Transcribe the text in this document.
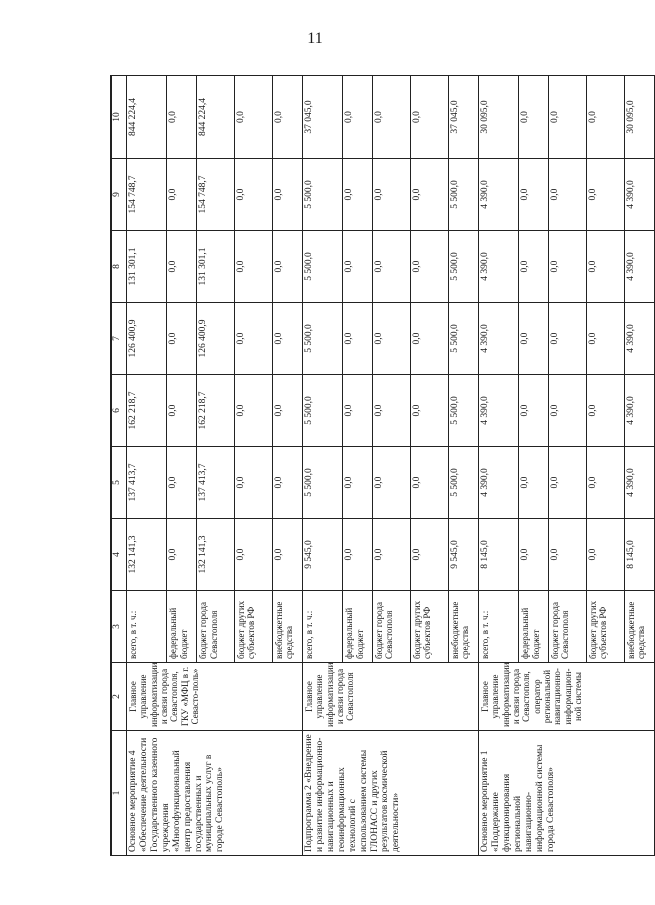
11
1	2	3	4	5	6	7	8	9	10
Основное мероприятие 4 «Обеспечение деятельности Государственного казенного учреждения «Многофункциональный центр предоставления государственных и муниципальных услуг в городе Севастополь»	Главное управление информатизации и связи города Севастополя, ГКУ «МФЦ в г. Севасто-поль»	всего, в т. ч.:	132 141,3	137 413,7	162 218,7	126 400,9	131 301,1	154 748,7	844 224,4
		федеральный бюджет	0,0	0,0	0,0	0,0	0,0	0,0	0,0
		бюджет города Севастополя	132 141,3	137 413,7	162 218,7	126 400,9	131 301,1	154 748,7	844 224,4
		бюджет других субъектов РФ	0,0	0,0	0,0	0,0	0,0	0,0	0,0
		внебюджетные средства	0,0	0,0	0,0	0,0	0,0	0,0	0,0
Подпрограмма 2 «Внедрение и развитие информационно-навигационных и геоинформационных технологий с использованием системы ГЛОНАСС и других результатов космической деятельности»	Главное управление информатизации и связи города Севастополя	всего, в т. ч.:	9 545,0	5 500,0	5 500,0	5 500,0	5 500,0	5 500,0	37 045,0
		федеральный бюджет	0,0	0,0	0,0	0,0	0,0	0,0	0,0
		бюджет города Севастополя	0,0	0,0	0,0	0,0	0,0	0,0	0,0
		бюджет других субъектов РФ	0,0	0,0	0,0	0,0	0,0	0,0	0,0
		внебюджетные средства	9 545,0	5 500,0	5 500,0	5 500,0	5 500,0	5 500,0	37 045,0
Основное мероприятие 1 «Поддержание функционирования региональной навигационно-информационной системы города Севастополя»	Главное управление информатизации и связи города Севастополя, оператор региональной навигационно-информацион-ной системы	всего, в т. ч.:	8 145,0	4 390,0	4 390,0	4 390,0	4 390,0	4 390,0	30 095,0
		федеральный бюджет	0,0	0,0	0,0	0,0	0,0	0,0	0,0
		бюджет города Севастополя	0,0	0,0	0,0	0,0	0,0	0,0	0,0
		бюджет других субъектов РФ	0,0	0,0	0,0	0,0	0,0	0,0	0,0
		внебюджетные средства	8 145,0	4 390,0	4 390,0	4 390,0	4 390,0	4 390,0	30 095,0
